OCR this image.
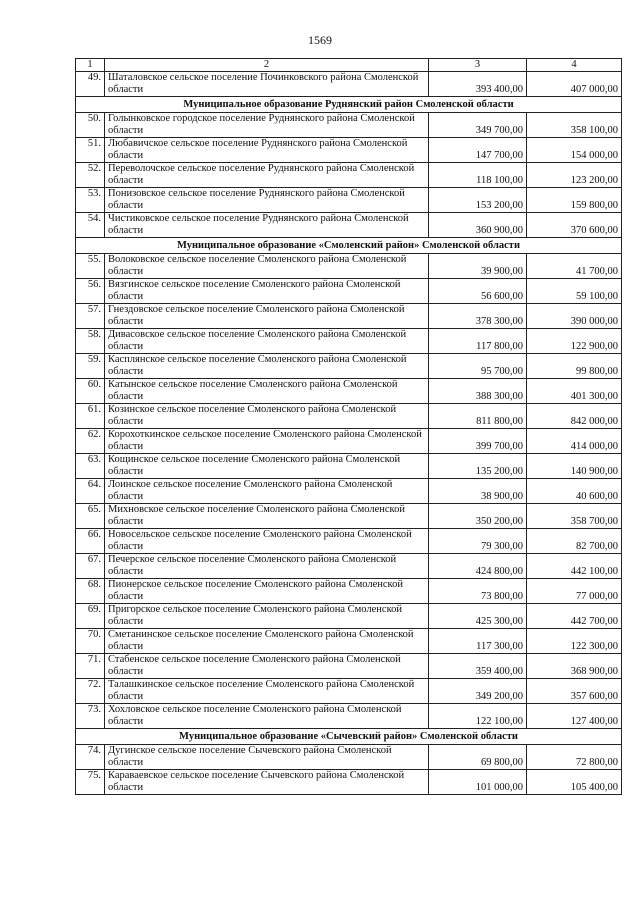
1569
1	2	3	4
49.	Шаталовское сельское поселение Починковского района Смоленской области	393 400,00	407 000,00
Муниципальное образование Руднянский район Смоленской области			
50.	Голынковское городское поселение Руднянского района Смоленской области	349 700,00	358 100,00
51.	Любавичское сельское поселение Руднянского района Смоленской области	147 700,00	154 000,00
52.	Переволочское сельское поселение Руднянского района Смоленской области	118 100,00	123 200,00
53.	Понизовское сельское поселение Руднянского района Смоленской области	153 200,00	159 800,00
54.	Чистиковское сельское поселение Руднянского района Смоленской области	360 900,00	370 600,00
Муниципальное образование «Смоленский район» Смоленской области			
55.	Волоковское сельское поселение Смоленского района Смоленской области	39 900,00	41 700,00
56.	Вязгинское сельское поселение Смоленского района Смоленской области	56 600,00	59 100,00
57.	Гнездовское сельское поселение Смоленского района Смоленской области	378 300,00	390 000,00
58.	Дивасовское сельское поселение Смоленского района Смоленской области	117 800,00	122 900,00
59.	Касплянское сельское поселение Смоленского района Смоленской области	95 700,00	99 800,00
60.	Катынское сельское поселение Смоленского района Смоленской области	388 300,00	401 300,00
61.	Козинское сельское поселение Смоленского района Смоленской области	811 800,00	842 000,00
62.	Корохоткинское сельское поселение Смоленского района Смоленской области	399 700,00	414 000,00
63.	Кощинское сельское поселение Смоленского района Смоленской области	135 200,00	140 900,00
64.	Лоинское сельское поселение Смоленского района Смоленской области	38 900,00	40 600,00
65.	Михновское сельское поселение Смоленского района Смоленской области	350 200,00	358 700,00
66.	Новосельское сельское поселение Смоленского района Смоленской области	79 300,00	82 700,00
67.	Печерское сельское поселение Смоленского района Смоленской области	424 800,00	442 100,00
68.	Пионерское сельское поселение Смоленского района Смоленской области	73 800,00	77 000,00
69.	Пригорское сельское поселение Смоленского района Смоленской области	425 300,00	442 700,00
70.	Сметанинское сельское поселение Смоленского района Смоленской области	117 300,00	122 300,00
71.	Стабенское сельское поселение Смоленского района Смоленской области	359 400,00	368 900,00
72.	Талашкинское сельское поселение Смоленского района Смоленской области	349 200,00	357 600,00
73.	Хохловское сельское поселение Смоленского района Смоленской области	122 100,00	127 400,00
Муниципальное образование «Сычевский район» Смоленской области			
74.	Дугинское сельское поселение Сычевского района Смоленской области	69 800,00	72 800,00
75.	Караваевское сельское поселение Сычевского района Смоленской области	101 000,00	105 400,00
